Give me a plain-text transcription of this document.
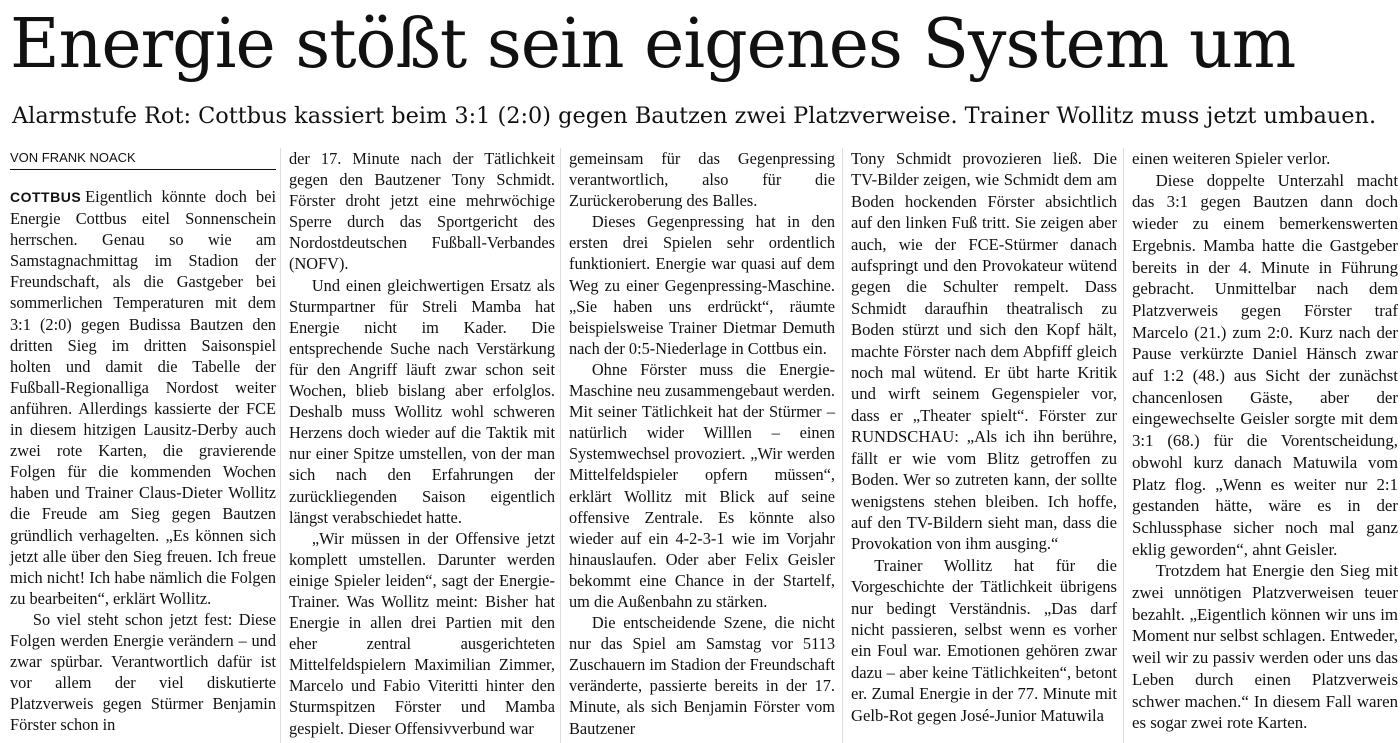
Energie stößt sein eigenes System um
Alarmstufe Rot: Cottbus kassiert beim 3:1 (2:0) gegen Bautzen zwei Platzverweise. Trainer Wollitz muss jetzt umbauen.
VON FRANK NOACK

COTTBUS Eigentlich könnte doch bei Energie Cottbus eitel Sonnenschein herrschen. Genau so wie am Samstagnachmittag im Stadion der Freundschaft, als die Gastgeber bei sommerlichen Temperaturen mit dem 3:1 (2:0) gegen Budissa Bautzen den dritten Sieg im dritten Saisonspiel holten und damit die Tabelle der Fußball-Regionalliga Nordost weiter anführen. Allerdings kassierte der FCE in diesem hitzigen Lausitz-Derby auch zwei rote Karten, die gravierende Folgen für die kommenden Wochen haben und Trainer Claus-Dieter Wollitz die Freude am Sieg gegen Bautzen gründlich verhagelten. „Es können sich jetzt alle über den Sieg freuen. Ich freue mich nicht! Ich habe nämlich die Folgen zu bearbeiten“, erklärt Wollitz.

So viel steht schon jetzt fest: Diese Folgen werden Energie verändern – und zwar spürbar. Verantwortlich dafür ist vor allem der viel diskutierte Platzverweis gegen Stürmer Benjamin Förster schon in

der 17. Minute nach der Tätlichkeit gegen den Bautzener Tony Schmidt. Förster droht jetzt eine mehrwöchige Sperre durch das Sportgericht des Nordostdeutschen Fußball-Verbandes (NOFV).

Und einen gleichwertigen Ersatz als Sturmpartner für Streli Mamba hat Energie nicht im Kader. Die entsprechende Suche nach Verstärkung für den Angriff läuft zwar schon seit Wochen, blieb bislang aber erfolglos. Deshalb muss Wollitz wohl schweren Herzens doch wieder auf die Taktik mit nur einer Spitze umstellen, von der man sich nach den Erfahrungen der zurückliegenden Saison eigentlich längst verabschiedet hatte.

„Wir müssen in der Offensive jetzt komplett umstellen. Darunter werden einige Spieler leiden“, sagt der Energie-Trainer. Was Wollitz meint: Bisher hat Energie in allen drei Partien mit den eher zentral ausgerichteten Mittelfeldspielern Maximilian Zimmer, Marcelo und Fabio Viteritti hinter den Sturmspitzen Förster und Mamba gespielt. Dieser Offensivverbund war

gemeinsam für das Gegenpressing verantwortlich, also für die Zurückeroberung des Balles.

Dieses Gegenpressing hat in den ersten drei Spielen sehr ordentlich funktioniert. Energie war quasi auf dem Weg zu einer Gegenpressing-Maschine. „Sie haben uns erdrückt“, räumte beispielsweise Trainer Dietmar Demuth nach der 0:5-Niederlage in Cottbus ein.

Ohne Förster muss die Energie-Maschine neu zusammengebaut werden. Mit seiner Tätlichkeit hat der Stürmer – natürlich wider Willlen – einen Systemwechsel provoziert. „Wir werden Mittelfeldspieler opfern müssen“, erklärt Wollitz mit Blick auf seine offensive Zentrale. Es könnte also wieder auf ein 4-2-3-1 wie im Vorjahr hinauslaufen. Oder aber Felix Geisler bekommt eine Chance in der Startelf, um die Außenbahn zu stärken.

Die entscheidende Szene, die nicht nur das Spiel am Samstag vor 5113 Zuschauern im Stadion der Freundschaft veränderte, passierte bereits in der 17. Minute, als sich Benjamin Förster vom Bautzener

Tony Schmidt provozieren ließ. Die TV-Bilder zeigen, wie Schmidt dem am Boden hockenden Förster absichtlich auf den linken Fuß tritt. Sie zeigen aber auch, wie der FCE-Stürmer danach aufspringt und den Provokateur wütend gegen die Schulter rempelt. Dass Schmidt daraufhin theatralisch zu Boden stürzt und sich den Kopf hält, machte Förster nach dem Abpfiff gleich noch mal wütend. Er übt harte Kritik und wirft seinem Gegenspieler vor, dass er „Theater spielt“. Förster zur RUNDSCHAU: „Als ich ihn berühre, fällt er wie vom Blitz getroffen zu Boden. Wer so zutreten kann, der sollte wenigstens stehen bleiben. Ich hoffe, auf den TV-Bildern sieht man, dass die Provokation von ihm ausging.“

Trainer Wollitz hat für die Vorgeschichte der Tätlichkeit übrigens nur bedingt Verständnis. „Das darf nicht passieren, selbst wenn es vorher ein Foul war. Emotionen gehören zwar dazu – aber keine Tätlichkeiten“, betont er. Zumal Energie in der 77. Minute mit Gelb-Rot gegen José-Junior Matuwila

einen weiteren Spieler verlor.

Diese doppelte Unterzahl macht das 3:1 gegen Bautzen dann doch wieder zu einem bemerkenswerten Ergebnis. Mamba hatte die Gastgeber bereits in der 4. Minute in Führung gebracht. Unmittelbar nach dem Platzverweis gegen Förster traf Marcelo (21.) zum 2:0. Kurz nach der Pause verkürzte Daniel Hänsch zwar auf 1:2 (48.) aus Sicht der zunächst chancenlosen Gäste, aber der eingewechselte Geisler sorgte mit dem 3:1 (68.) für die Vorentscheidung, obwohl kurz danach Matuwila vom Platz flog. „Wenn es weiter nur 2:1 gestanden hätte, wäre es in der Schlussphase sicher noch mal ganz eklig geworden“, ahnt Geisler.

Trotzdem hat Energie den Sieg mit zwei unnötigen Platzverweisen teuer bezahlt. „Eigentlich können wir uns im Moment nur selbst schlagen. Entweder, weil wir zu passiv werden oder uns das Leben durch einen Platzverweis schwer machen.“ In diesem Fall waren es sogar zwei rote Karten.
